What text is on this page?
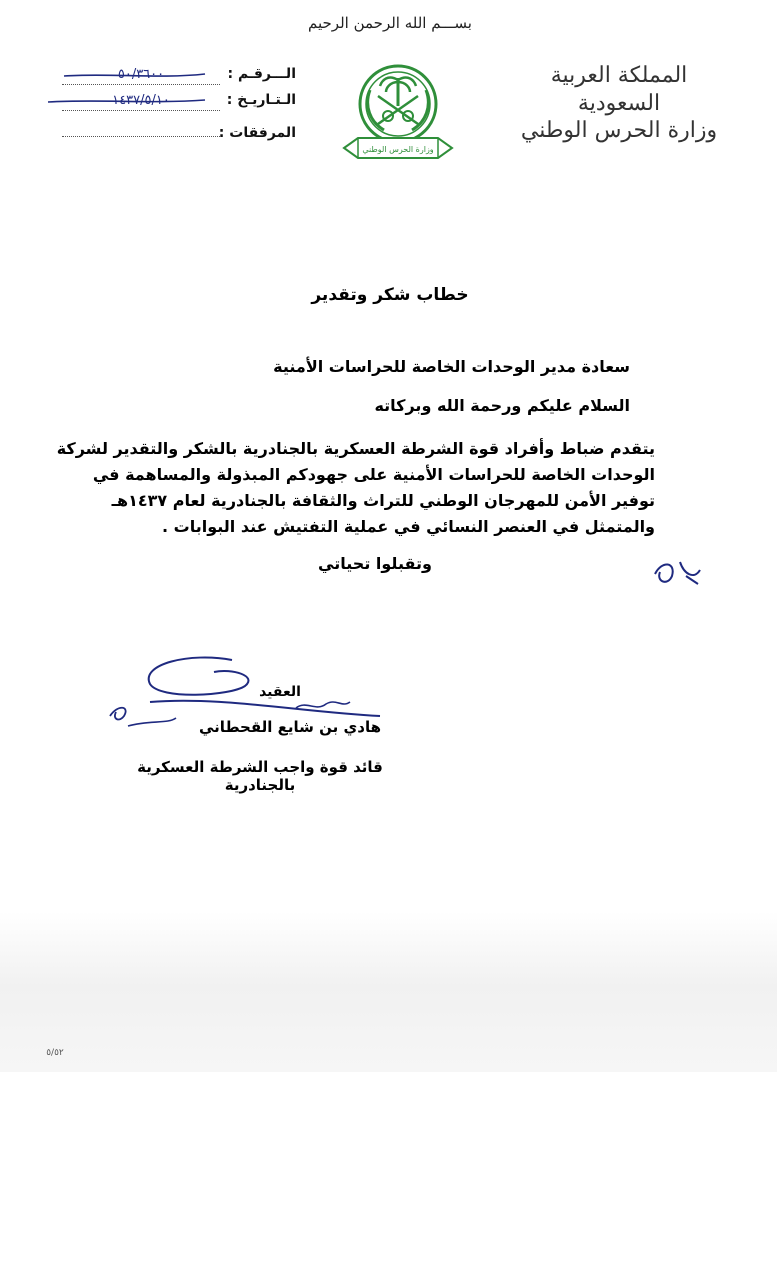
بســـم الله الرحمن الرحيم
المملكة العربية السعودية
وزارة الحرس الوطني
وزارة الحرس الوطني
الـــرقـم :
٥٠/٣٦٠٠
الـتـاريـخ :
١٤٣٧/٥/١٠
المرفقات :
خطاب شكر وتقدير
سعادة مدير الوحدات الخاصة للحراسات الأمنية
السلام عليكم ورحمة الله وبركاته

يتقدم ضباط وأفراد قوة الشرطة العسكرية بالجنادرية بالشكر والتقدير لشركة

الوحدات الخاصة للحراسات الأمنية على جهودكم المبذولة والمساهمة في

توفير الأمن للمهرجان الوطني للتراث والثقافة بالجنادرية لعام ١٤٣٧هـ

والمتمثل في العنصر النسائي في عملية التفتيش عند البوابات .

وتقبلوا تحياتي
العقيد
هادي بن شايع القحطاني
قائد قوة واجب الشرطة العسكرية بالجنادرية
٥/٥٢
